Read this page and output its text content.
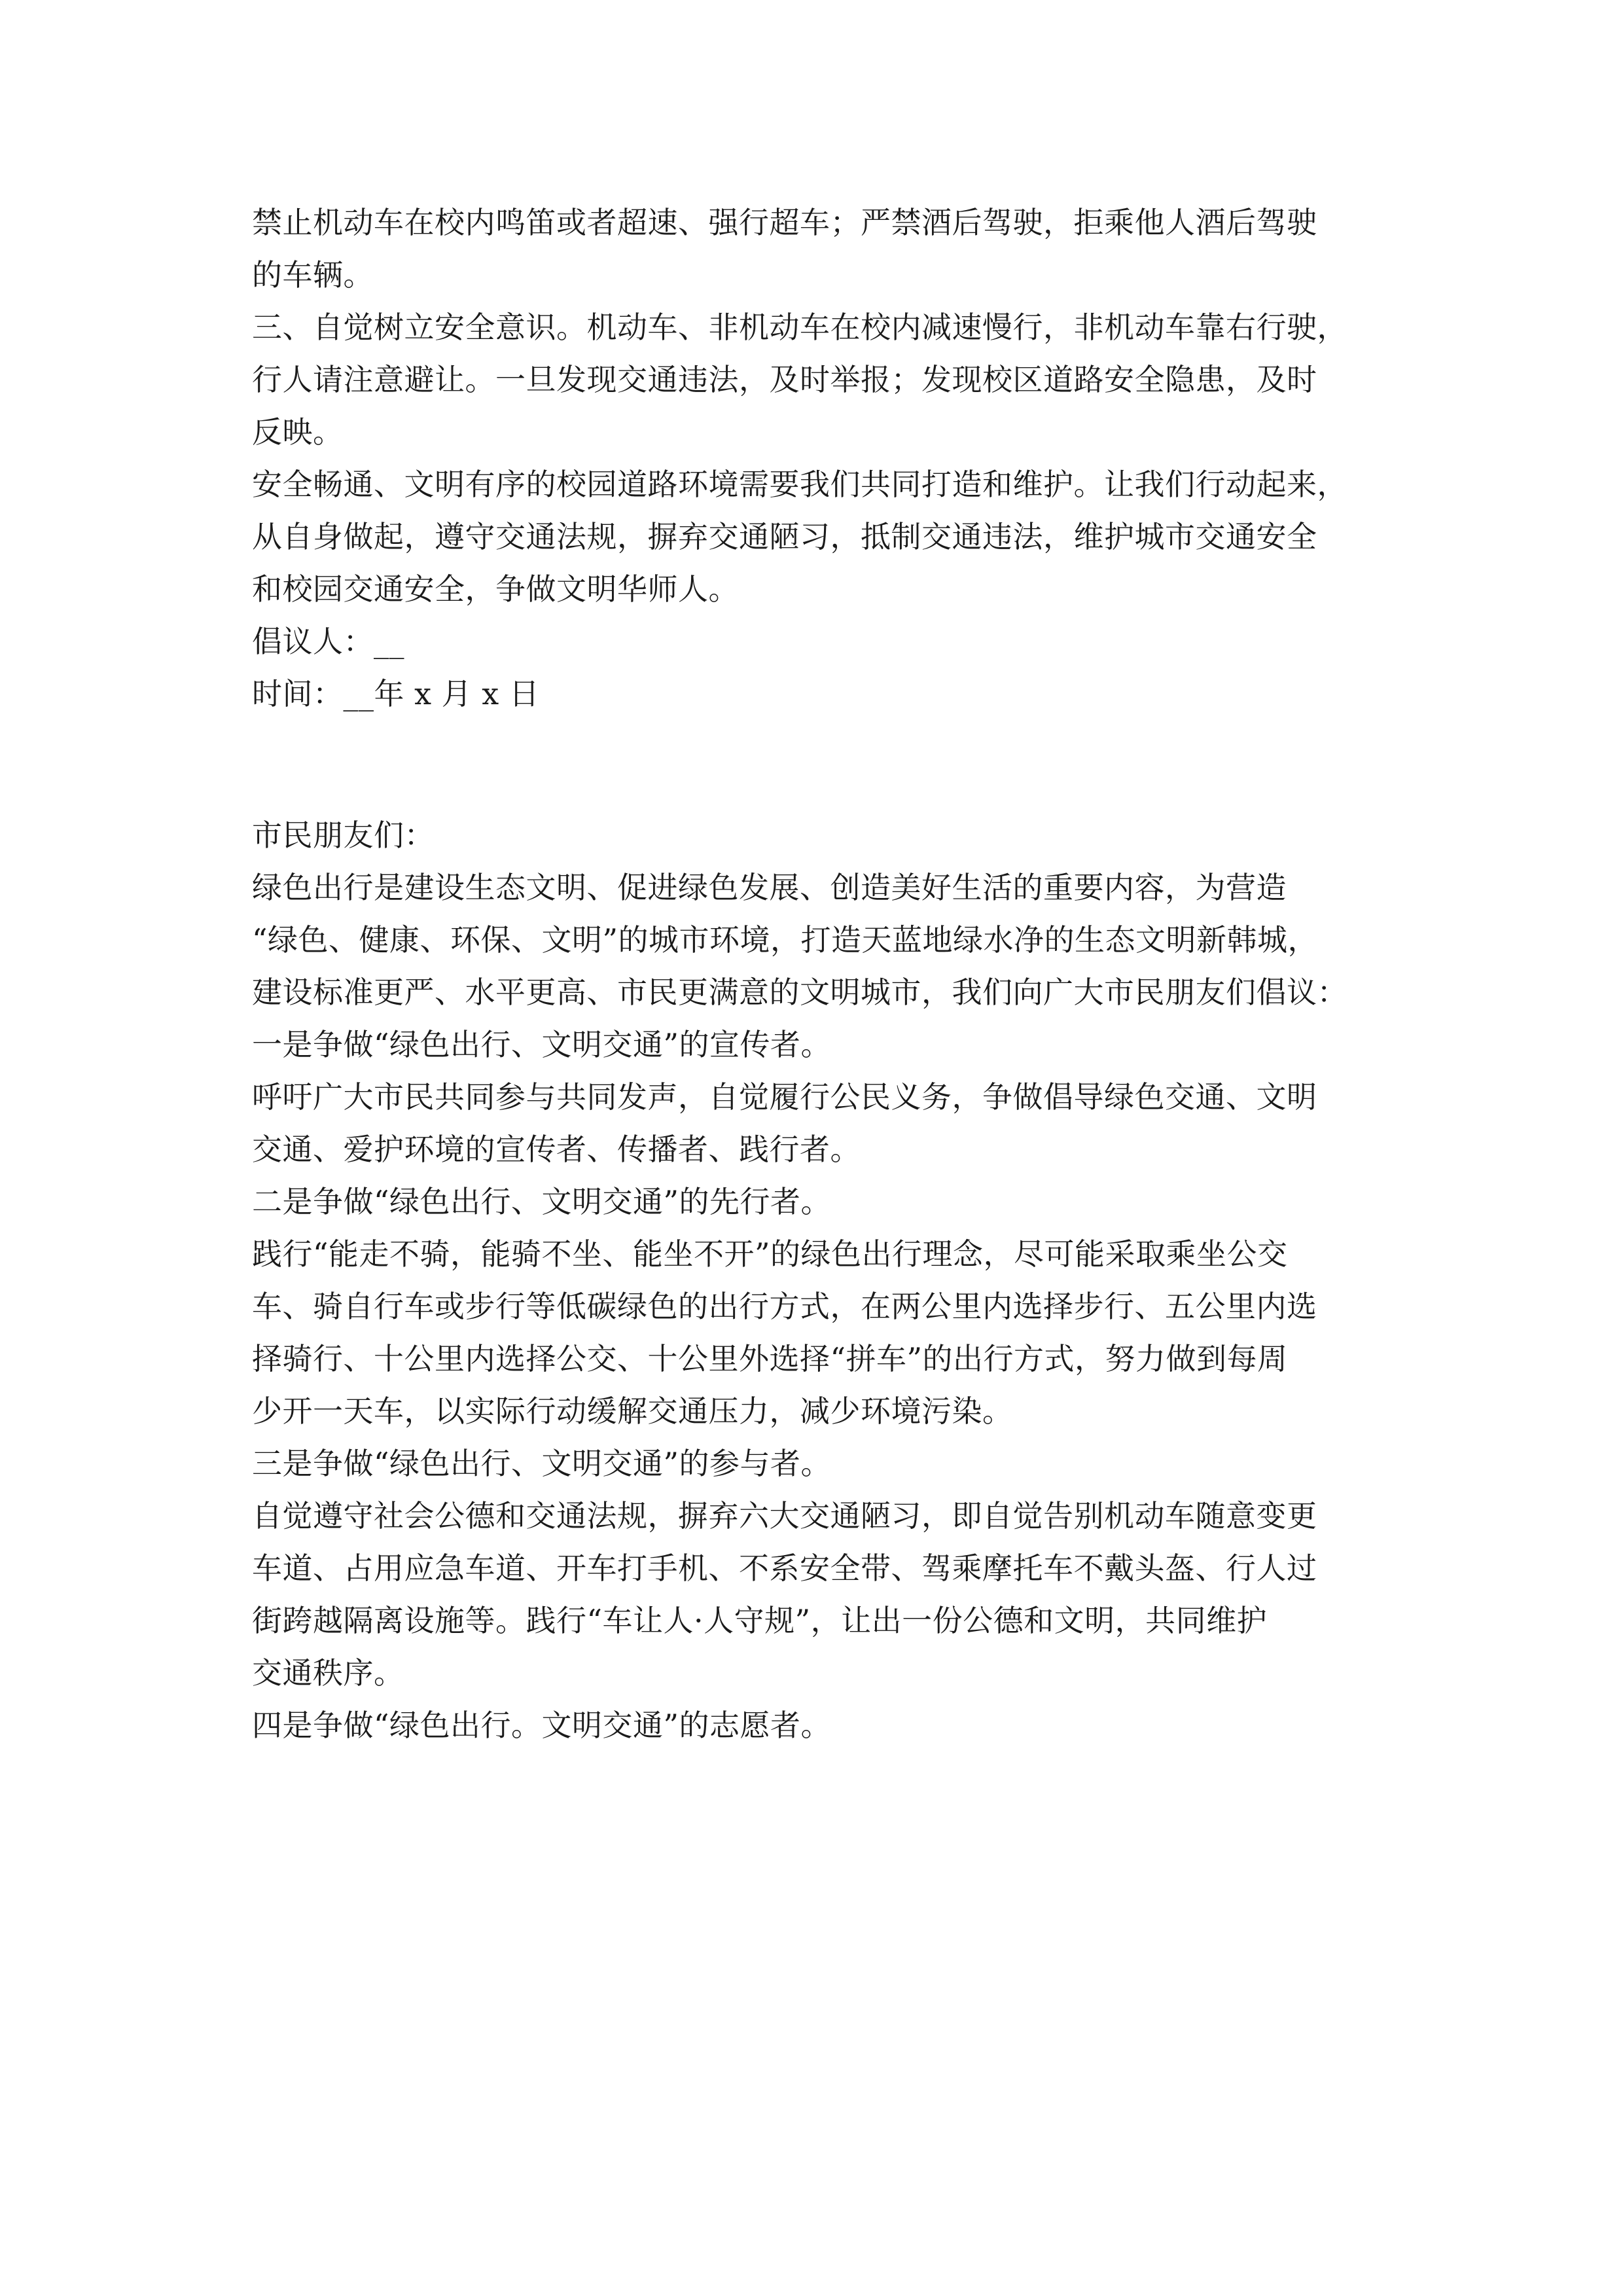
禁止机动车在校内鸣笛或者超速、强行超车；严禁酒后驾驶，拒乘他人酒后驾驶
的车辆。
三、自觉树立安全意识。机动车、非机动车在校内减速慢行，非机动车靠右行驶，
行人请注意避让。一旦发现交通违法，及时举报；发现校区道路安全隐患，及时
反映。
安全畅通、文明有序的校园道路环境需要我们共同打造和维护。让我们行动起来，
从自身做起，遵守交通法规，摒弃交通陋习，抵制交通违法，维护城市交通安全
和校园交通安全，争做文明华师人。
倡议人：__
时间：__年 x 月 x 日
市民朋友们：
绿色出行是建设生态文明、促进绿色发展、创造美好生活的重要内容，为营造
“绿色、健康、环保、文明”的城市环境，打造天蓝地绿水净的生态文明新韩城，
建设标准更严、水平更高、市民更满意的文明城市，我们向广大市民朋友们倡议：
一是争做“绿色出行、文明交通”的宣传者。
呼吁广大市民共同参与共同发声，自觉履行公民义务，争做倡导绿色交通、文明
交通、爱护环境的宣传者、传播者、践行者。
二是争做“绿色出行、文明交通”的先行者。
践行“能走不骑，能骑不坐、能坐不开”的绿色出行理念，尽可能采取乘坐公交
车、骑自行车或步行等低碳绿色的出行方式，在两公里内选择步行、五公里内选
择骑行、十公里内选择公交、十公里外选择“拼车”的出行方式，努力做到每周
少开一天车，以实际行动缓解交通压力，减少环境污染。
三是争做“绿色出行、文明交通”的参与者。
自觉遵守社会公德和交通法规，摒弃六大交通陋习，即自觉告别机动车随意变更
车道、占用应急车道、开车打手机、不系安全带、驾乘摩托车不戴头盔、行人过
街跨越隔离设施等。践行“车让人·人守规”，让出一份公德和文明，共同维护
交通秩序。
四是争做“绿色出行。文明交通”的志愿者。
